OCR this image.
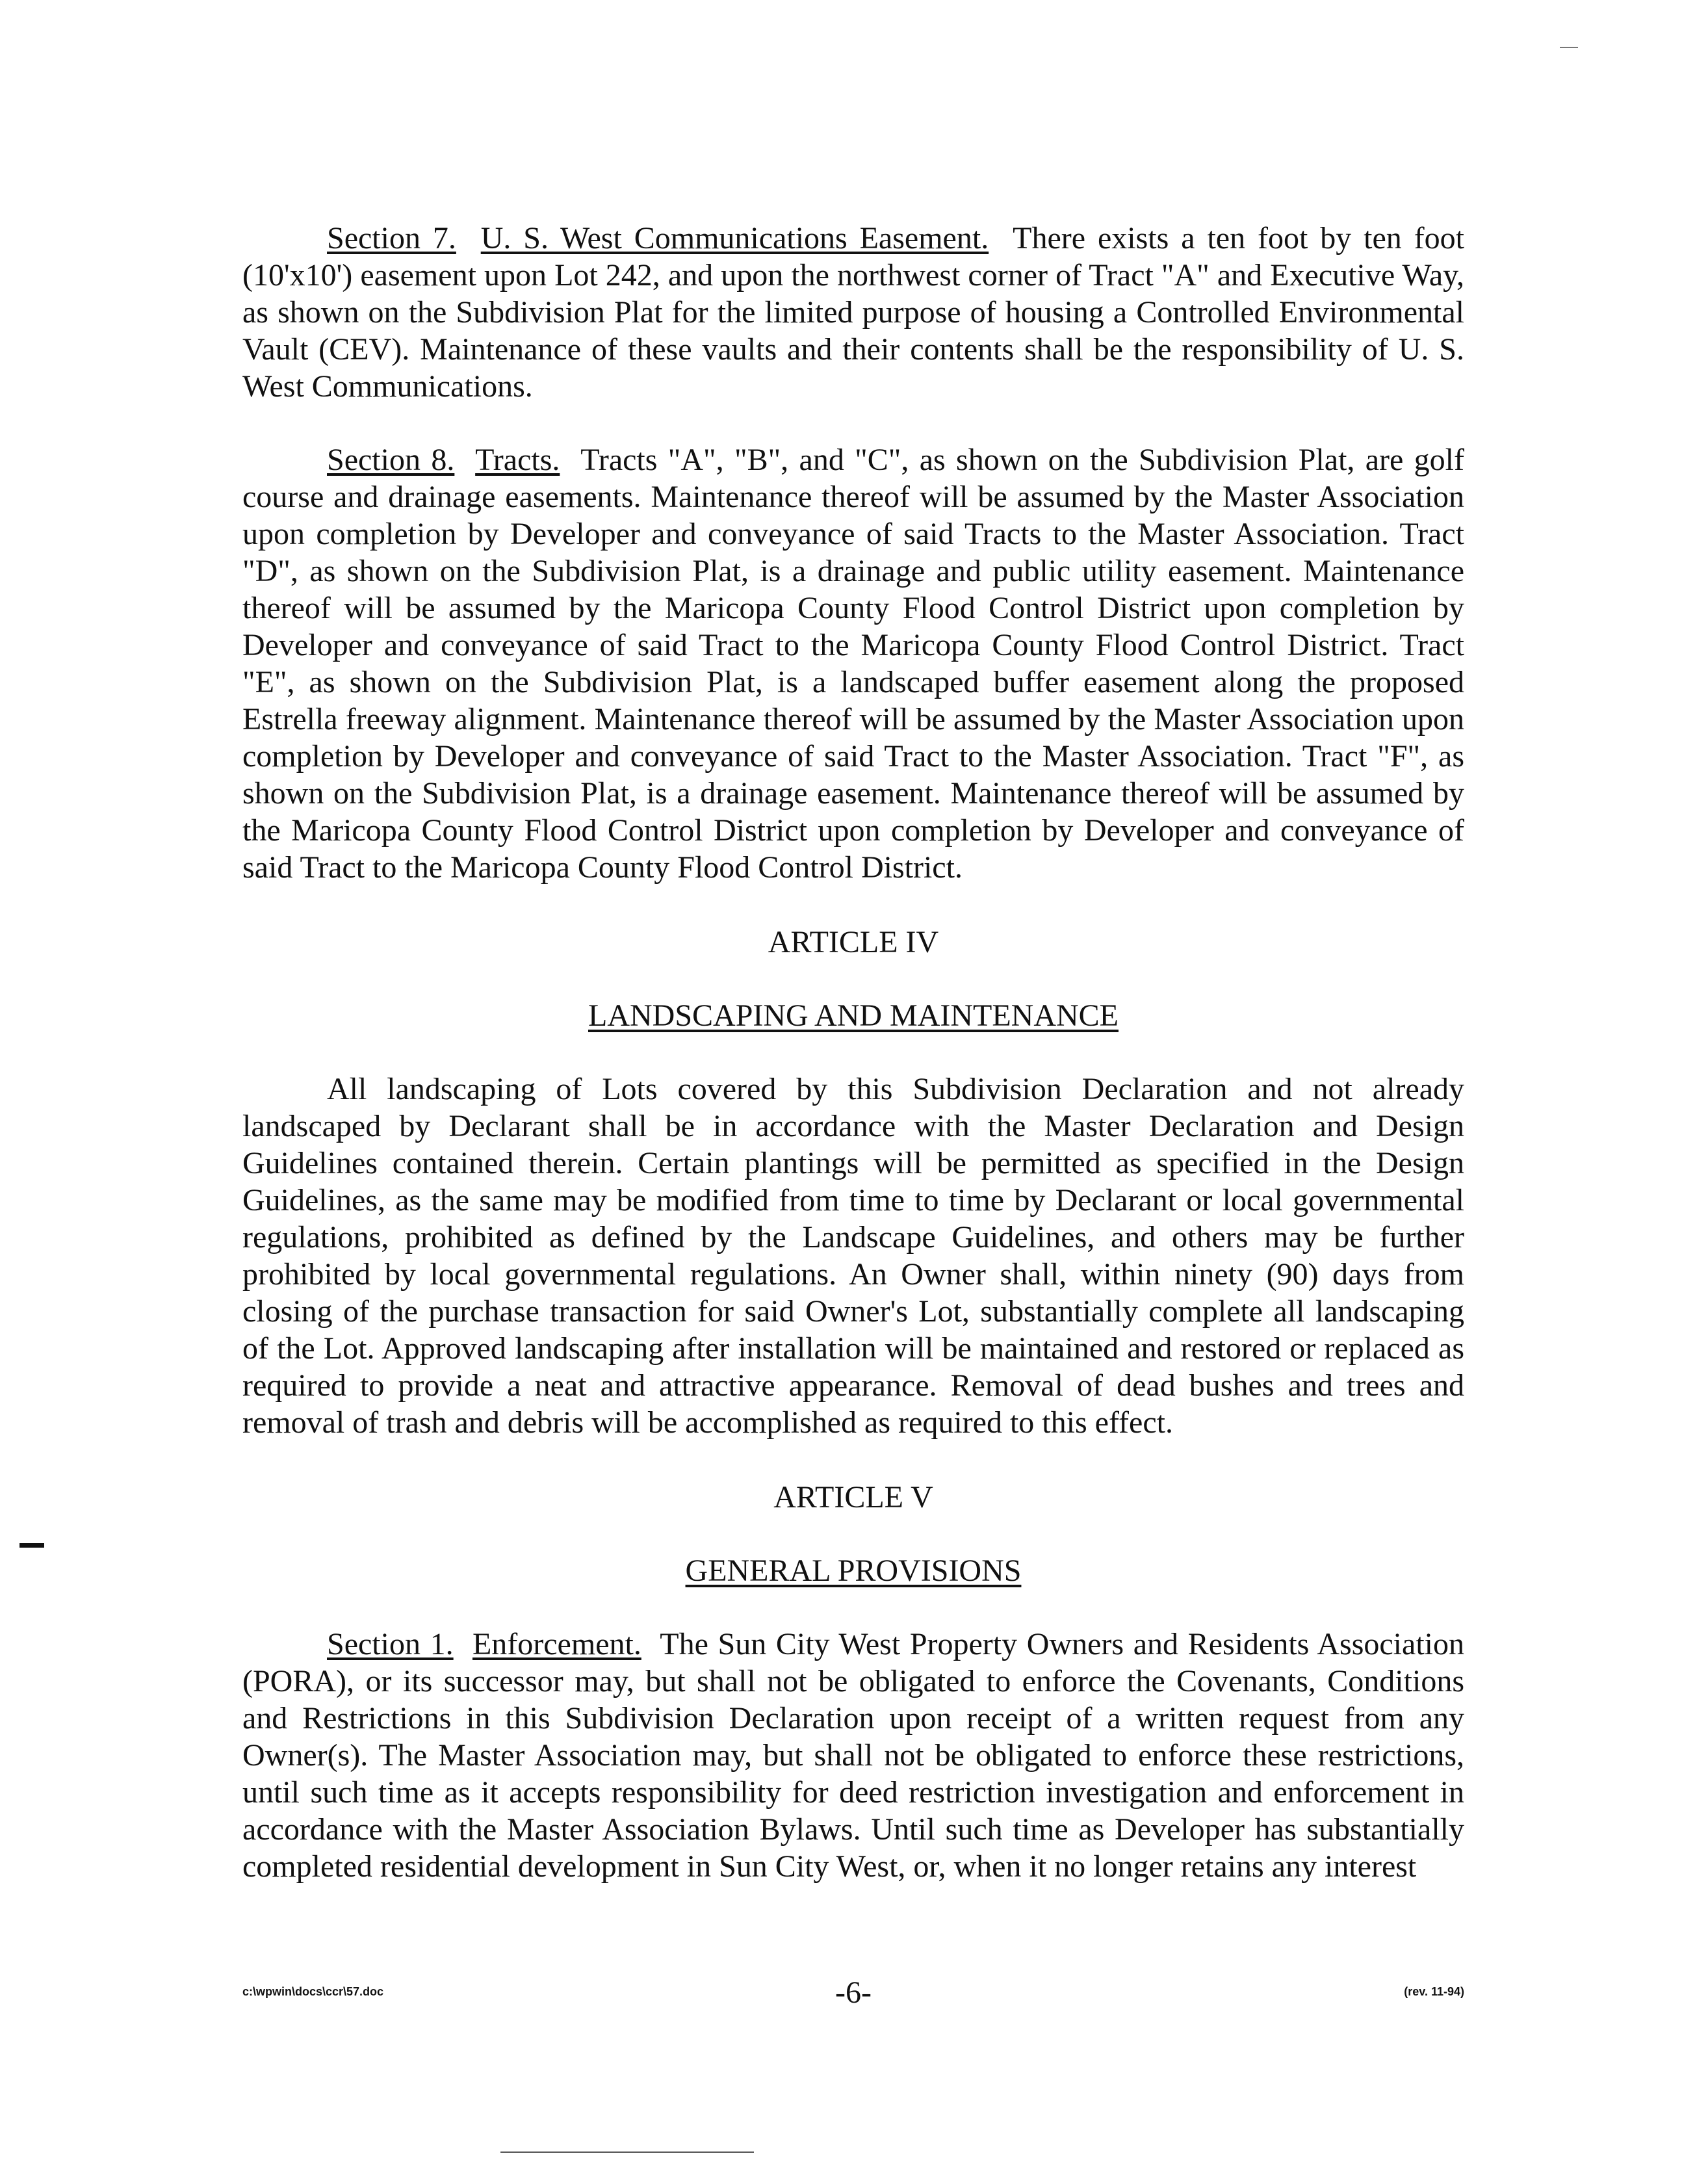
Section 7. U. S. West Communications Easement. There exists a ten foot by ten foot (10'x10') easement upon Lot 242, and upon the northwest corner of Tract "A" and Executive Way, as shown on the Subdivision Plat for the limited purpose of housing a Controlled Environmental Vault (CEV). Maintenance of these vaults and their contents shall be the responsibility of U. S. West Communications.

Section 8. Tracts. Tracts "A", "B", and "C", as shown on the Subdivision Plat, are golf course and drainage easements. Maintenance thereof will be assumed by the Master Association upon completion by Developer and conveyance of said Tracts to the Master Association. Tract "D", as shown on the Subdivision Plat, is a drainage and public utility easement. Maintenance thereof will be assumed by the Maricopa County Flood Control District upon completion by Developer and conveyance of said Tract to the Maricopa County Flood Control District. Tract "E", as shown on the Subdivision Plat, is a landscaped buffer easement along the proposed Estrella freeway alignment. Maintenance thereof will be assumed by the Master Association upon completion by Developer and conveyance of said Tract to the Master Association. Tract "F", as shown on the Subdivision Plat, is a drainage easement. Maintenance thereof will be assumed by the Maricopa County Flood Control District upon completion by Developer and conveyance of said Tract to the Maricopa County Flood Control District.

ARTICLE IV

LANDSCAPING AND MAINTENANCE

All landscaping of Lots covered by this Subdivision Declaration and not already landscaped by Declarant shall be in accordance with the Master Declaration and Design Guidelines contained therein. Certain plantings will be permitted as specified in the Design Guidelines, as the same may be modified from time to time by Declarant or local governmental regulations, prohibited as defined by the Landscape Guidelines, and others may be further prohibited by local governmental regulations. An Owner shall, within ninety (90) days from closing of the purchase transaction for said Owner's Lot, substantially complete all landscaping of the Lot. Approved landscaping after installation will be maintained and restored or replaced as required to provide a neat and attractive appearance. Removal of dead bushes and trees and removal of trash and debris will be accomplished as required to this effect.

ARTICLE V

GENERAL PROVISIONS

Section 1. Enforcement. The Sun City West Property Owners and Residents Association (PORA), or its successor may, but shall not be obligated to enforce the Covenants, Conditions and Restrictions in this Subdivision Declaration upon receipt of a written request from any Owner(s). The Master Association may, but shall not be obligated to enforce these restrictions, until such time as it accepts responsibility for deed restriction investigation and enforcement in accordance with the Master Association Bylaws. Until such time as Developer has substantially completed residential development in Sun City West, or, when it no longer retains any interest

c:\wpwin\docs\ccr\57.doc	-6-	(rev. 11-94)
